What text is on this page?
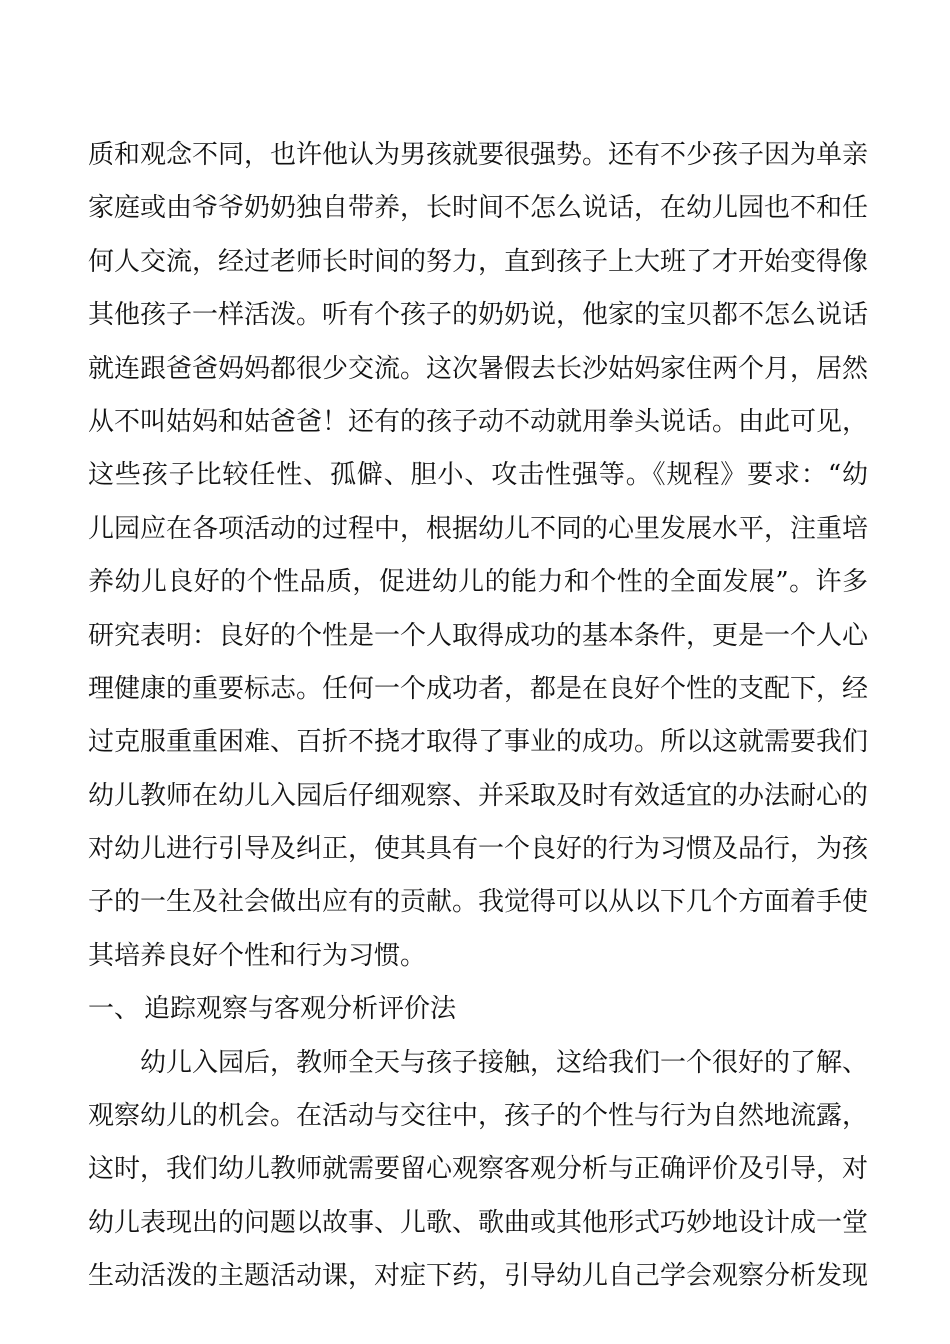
质和观念不同，也许他认为男孩就要很强势。还有不少孩子因为单亲
家庭或由爷爷奶奶独自带养，长时间不怎么说话，在幼儿园也不和任
何人交流，经过老师长时间的努力，直到孩子上大班了才开始变得像
其他孩子一样活泼。听有个孩子的奶奶说，他家的宝贝都不怎么说话
就连跟爸爸妈妈都很少交流。这次暑假去长沙姑妈家住两个月，居然
从不叫姑妈和姑爸爸！还有的孩子动不动就用拳头说话。由此可见，
这些孩子比较任性、孤僻、胆小、攻击性强等。《规程》要求：“幼
儿园应在各项活动的过程中，根据幼儿不同的心里发展水平，注重培
养幼儿良好的个性品质，促进幼儿的能力和个性的全面发展”。许多
研究表明：良好的个性是一个人取得成功的基本条件，更是一个人心
理健康的重要标志。任何一个成功者，都是在良好个性的支配下，经
过克服重重困难、百折不挠才取得了事业的成功。所以这就需要我们
幼儿教师在幼儿入园后仔细观察、并采取及时有效适宜的办法耐心的
对幼儿进行引导及纠正，使其具有一个良好的行为习惯及品行，为孩
子的一生及社会做出应有的贡献。我觉得可以从以下几个方面着手使
其培养良好个性和行为习惯。
一、 追踪观察与客观分析评价法
幼儿入园后，教师全天与孩子接触，这给我们一个很好的了解、
观察幼儿的机会。在活动与交往中，孩子的个性与行为自然地流露，
这时，我们幼儿教师就需要留心观察客观分析与正确评价及引导，对
幼儿表现出的问题以故事、儿歌、歌曲或其他形式巧妙地设计成一堂
生动活泼的主题活动课，对症下药，引导幼儿自己学会观察分析发现
